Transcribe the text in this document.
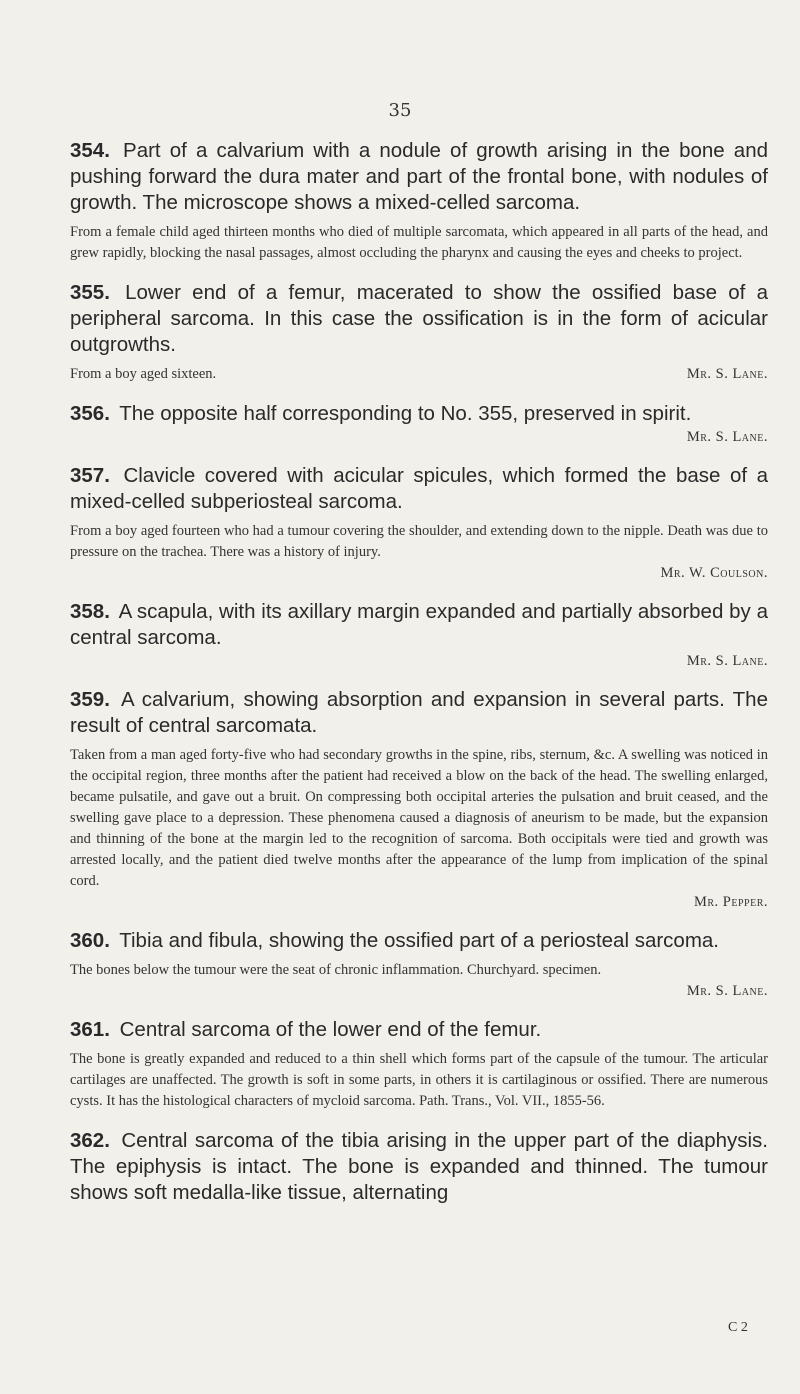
35
354. Part of a calvarium with a nodule of growth arising in the bone and pushing forward the dura mater and part of the frontal bone, with nodules of growth. The microscope shows a mixed-celled sarcoma.
From a female child aged thirteen months who died of multiple sarcomata, which appeared in all parts of the head, and grew rapidly, blocking the nasal passages, almost occluding the pharynx and causing the eyes and cheeks to project.
355. Lower end of a femur, macerated to show the ossified base of a peripheral sarcoma. In this case the ossification is in the form of acicular outgrowths.
Mr. S. Lane.
From a boy aged sixteen.
356. The opposite half corresponding to No. 355, preserved in spirit.
Mr. S. Lane.
357. Clavicle covered with acicular spicules, which formed the base of a mixed-celled subperiosteal sarcoma.
From a boy aged fourteen who had a tumour covering the shoulder, and extending down to the nipple. Death was due to pressure on the trachea. There was a history of injury.
Mr. W. Coulson.
358. A scapula, with its axillary margin expanded and partially absorbed by a central sarcoma.
Mr. S. Lane.
359. A calvarium, showing absorption and expansion in several parts. The result of central sarcomata.
Taken from a man aged forty-five who had secondary growths in the spine, ribs, sternum, &c. A swelling was noticed in the occipital region, three months after the patient had received a blow on the back of the head. The swelling enlarged, became pulsatile, and gave out a bruit. On compressing both occipital arteries the pulsation and bruit ceased, and the swelling gave place to a depression. These phenomena caused a diagnosis of aneurism to be made, but the expansion and thinning of the bone at the margin led to the recognition of sarcoma. Both occipitals were tied and growth was arrested locally, and the patient died twelve months after the appearance of the lump from implication of the spinal cord.
Mr. Pepper.
360. Tibia and fibula, showing the ossified part of a periosteal sarcoma.
The bones below the tumour were the seat of chronic inflammation. Churchyard. specimen.
Mr. S. Lane.
361. Central sarcoma of the lower end of the femur.
The bone is greatly expanded and reduced to a thin shell which forms part of the capsule of the tumour. The articular cartilages are unaffected. The growth is soft in some parts, in others it is cartilaginous or ossified. There are numerous cysts. It has the histological characters of mycloid sarcoma. Path. Trans., Vol. VII., 1855-56.
362. Central sarcoma of the tibia arising in the upper part of the diaphysis. The epiphysis is intact. The bone is expanded and thinned. The tumour shows soft medalla-like tissue, alternating
C 2
